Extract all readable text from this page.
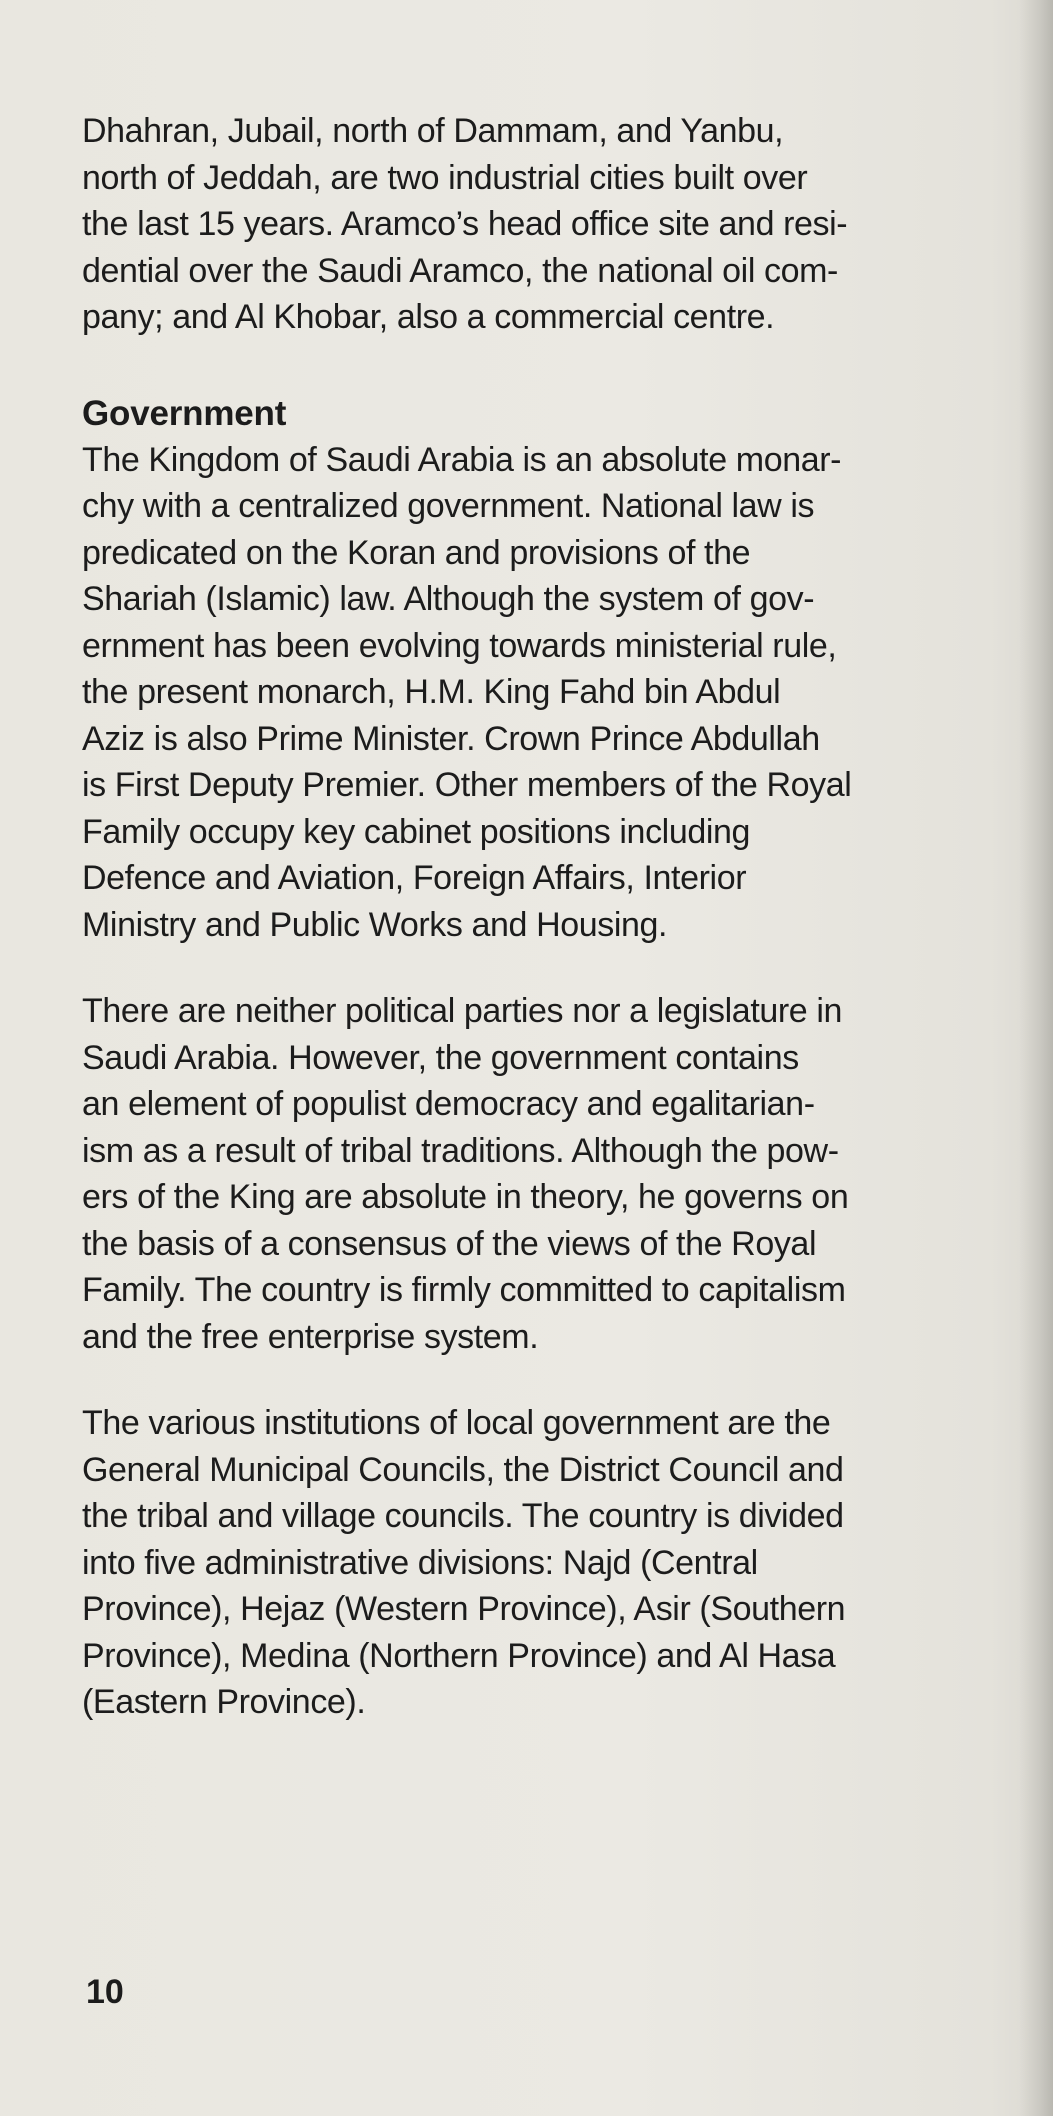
Dhahran, Jubail, north of Dammam, and Yanbu,
north of Jeddah, are two industrial cities built over
the last 15 years. Aramco’s head office site and resi-
dential over the Saudi Aramco, the national oil com-
pany; and Al Khobar, also a commercial centre.

Government

The Kingdom of Saudi Arabia is an absolute monar-
chy with a centralized government. National law is
predicated on the Koran and provisions of the
Shariah (Islamic) law. Although the system of gov-
ernment has been evolving towards ministerial rule,
the present monarch, H.M. King Fahd bin Abdul
Aziz is also Prime Minister. Crown Prince Abdullah
is First Deputy Premier. Other members of the Royal
Family occupy key cabinet positions including
Defence and Aviation, Foreign Affairs, Interior
Ministry and Public Works and Housing.

There are neither political parties nor a legislature in
Saudi Arabia. However, the government contains
an element of populist democracy and egalitarian-
ism as a result of tribal traditions. Although the pow-
ers of the King are absolute in theory, he governs on
the basis of a consensus of the views of the Royal
Family. The country is firmly committed to capitalism
and the free enterprise system.

The various institutions of local government are the
General Municipal Councils, the District Council and
the tribal and village councils. The country is divided
into five administrative divisions: Najd (Central
Province), Hejaz (Western Province), Asir (Southern
Province), Medina (Northern Province) and Al Hasa
(Eastern Province).

10
